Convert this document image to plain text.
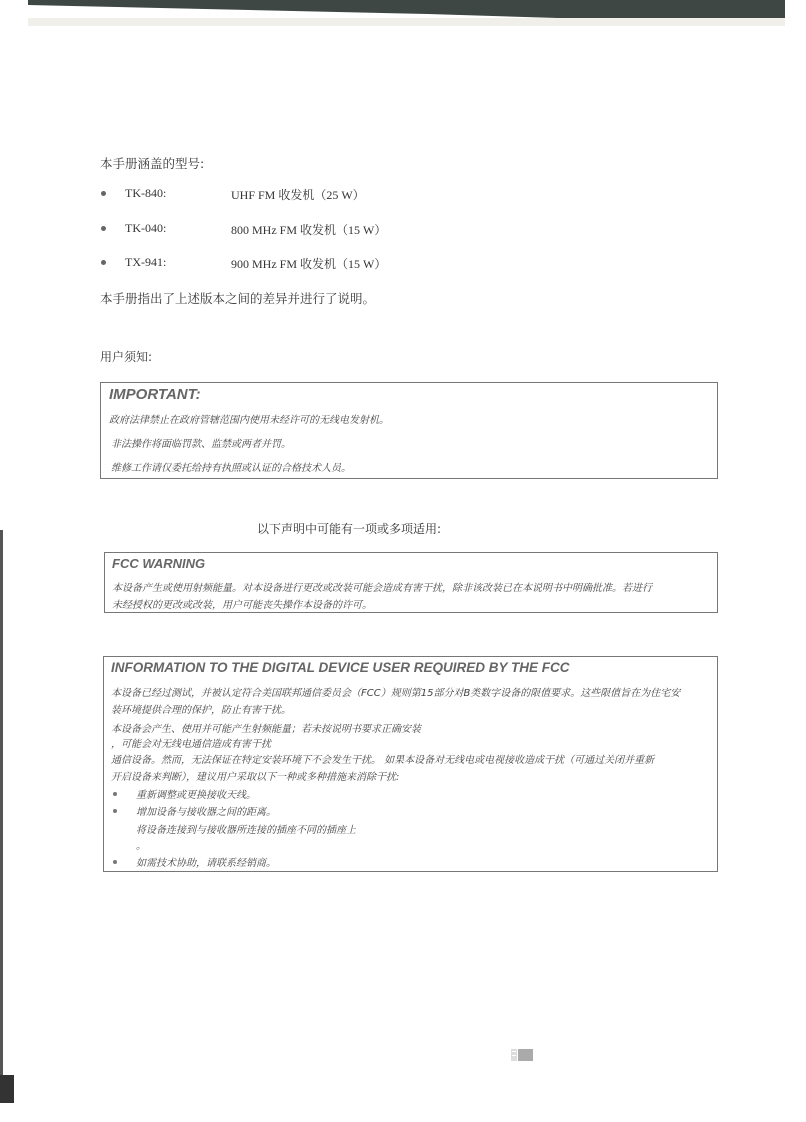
本手册涵盖的型号:
TK-840:	UHF FM 收发机（25 W）
TK-040:	800 MHz FM 收发机（15 W）
TX-941:	900 MHz FM 收发机（15 W）
本手册指出了上述版本之间的差异并进行了说明。
用户须知:
IMPORTANT:
政府法律禁止在政府管辖范围内使用未经许可的无线电发射机。
非法操作将面临罚款、监禁或两者并罚。
维修工作请仅委托给持有执照或认证的合格技术人员。
以下声明中可能有一项或多项适用:
FCC WARNING
本设备产生或使用射频能量。对本设备进行更改或改装可能会造成有害干扰，除非该改装已在本说明书中明确批准。若进行
未经授权的更改或改装，用户可能丧失操作本设备的许可。
INFORMATION TO THE DIGITAL DEVICE USER REQUIRED BY THE FCC
本设备已经过测试，并被认定符合美国联邦通信委员会（FCC）规则第15部分对B类数字设备的限值要求。这些限值旨在为住宅安
装环境提供合理的保护，防止有害干扰。
本设备会产生、使用并可能产生射频能量；若未按说明书要求正确安装
，可能会对无线电通信造成有害干扰
通信设备。然而，无法保证在特定安装环境下不会发生干扰。 如果本设备对无线电或电视接收造成干扰（可通过关闭并重新
开启设备来判断），建议用户采取以下一种或多种措施来消除干扰:
重新调整或更换接收天线。
增加设备与接收器之间的距离。
将设备连接到与接收器所连接的插座不同的插座上
。
如需技术协助，请联系经销商。
